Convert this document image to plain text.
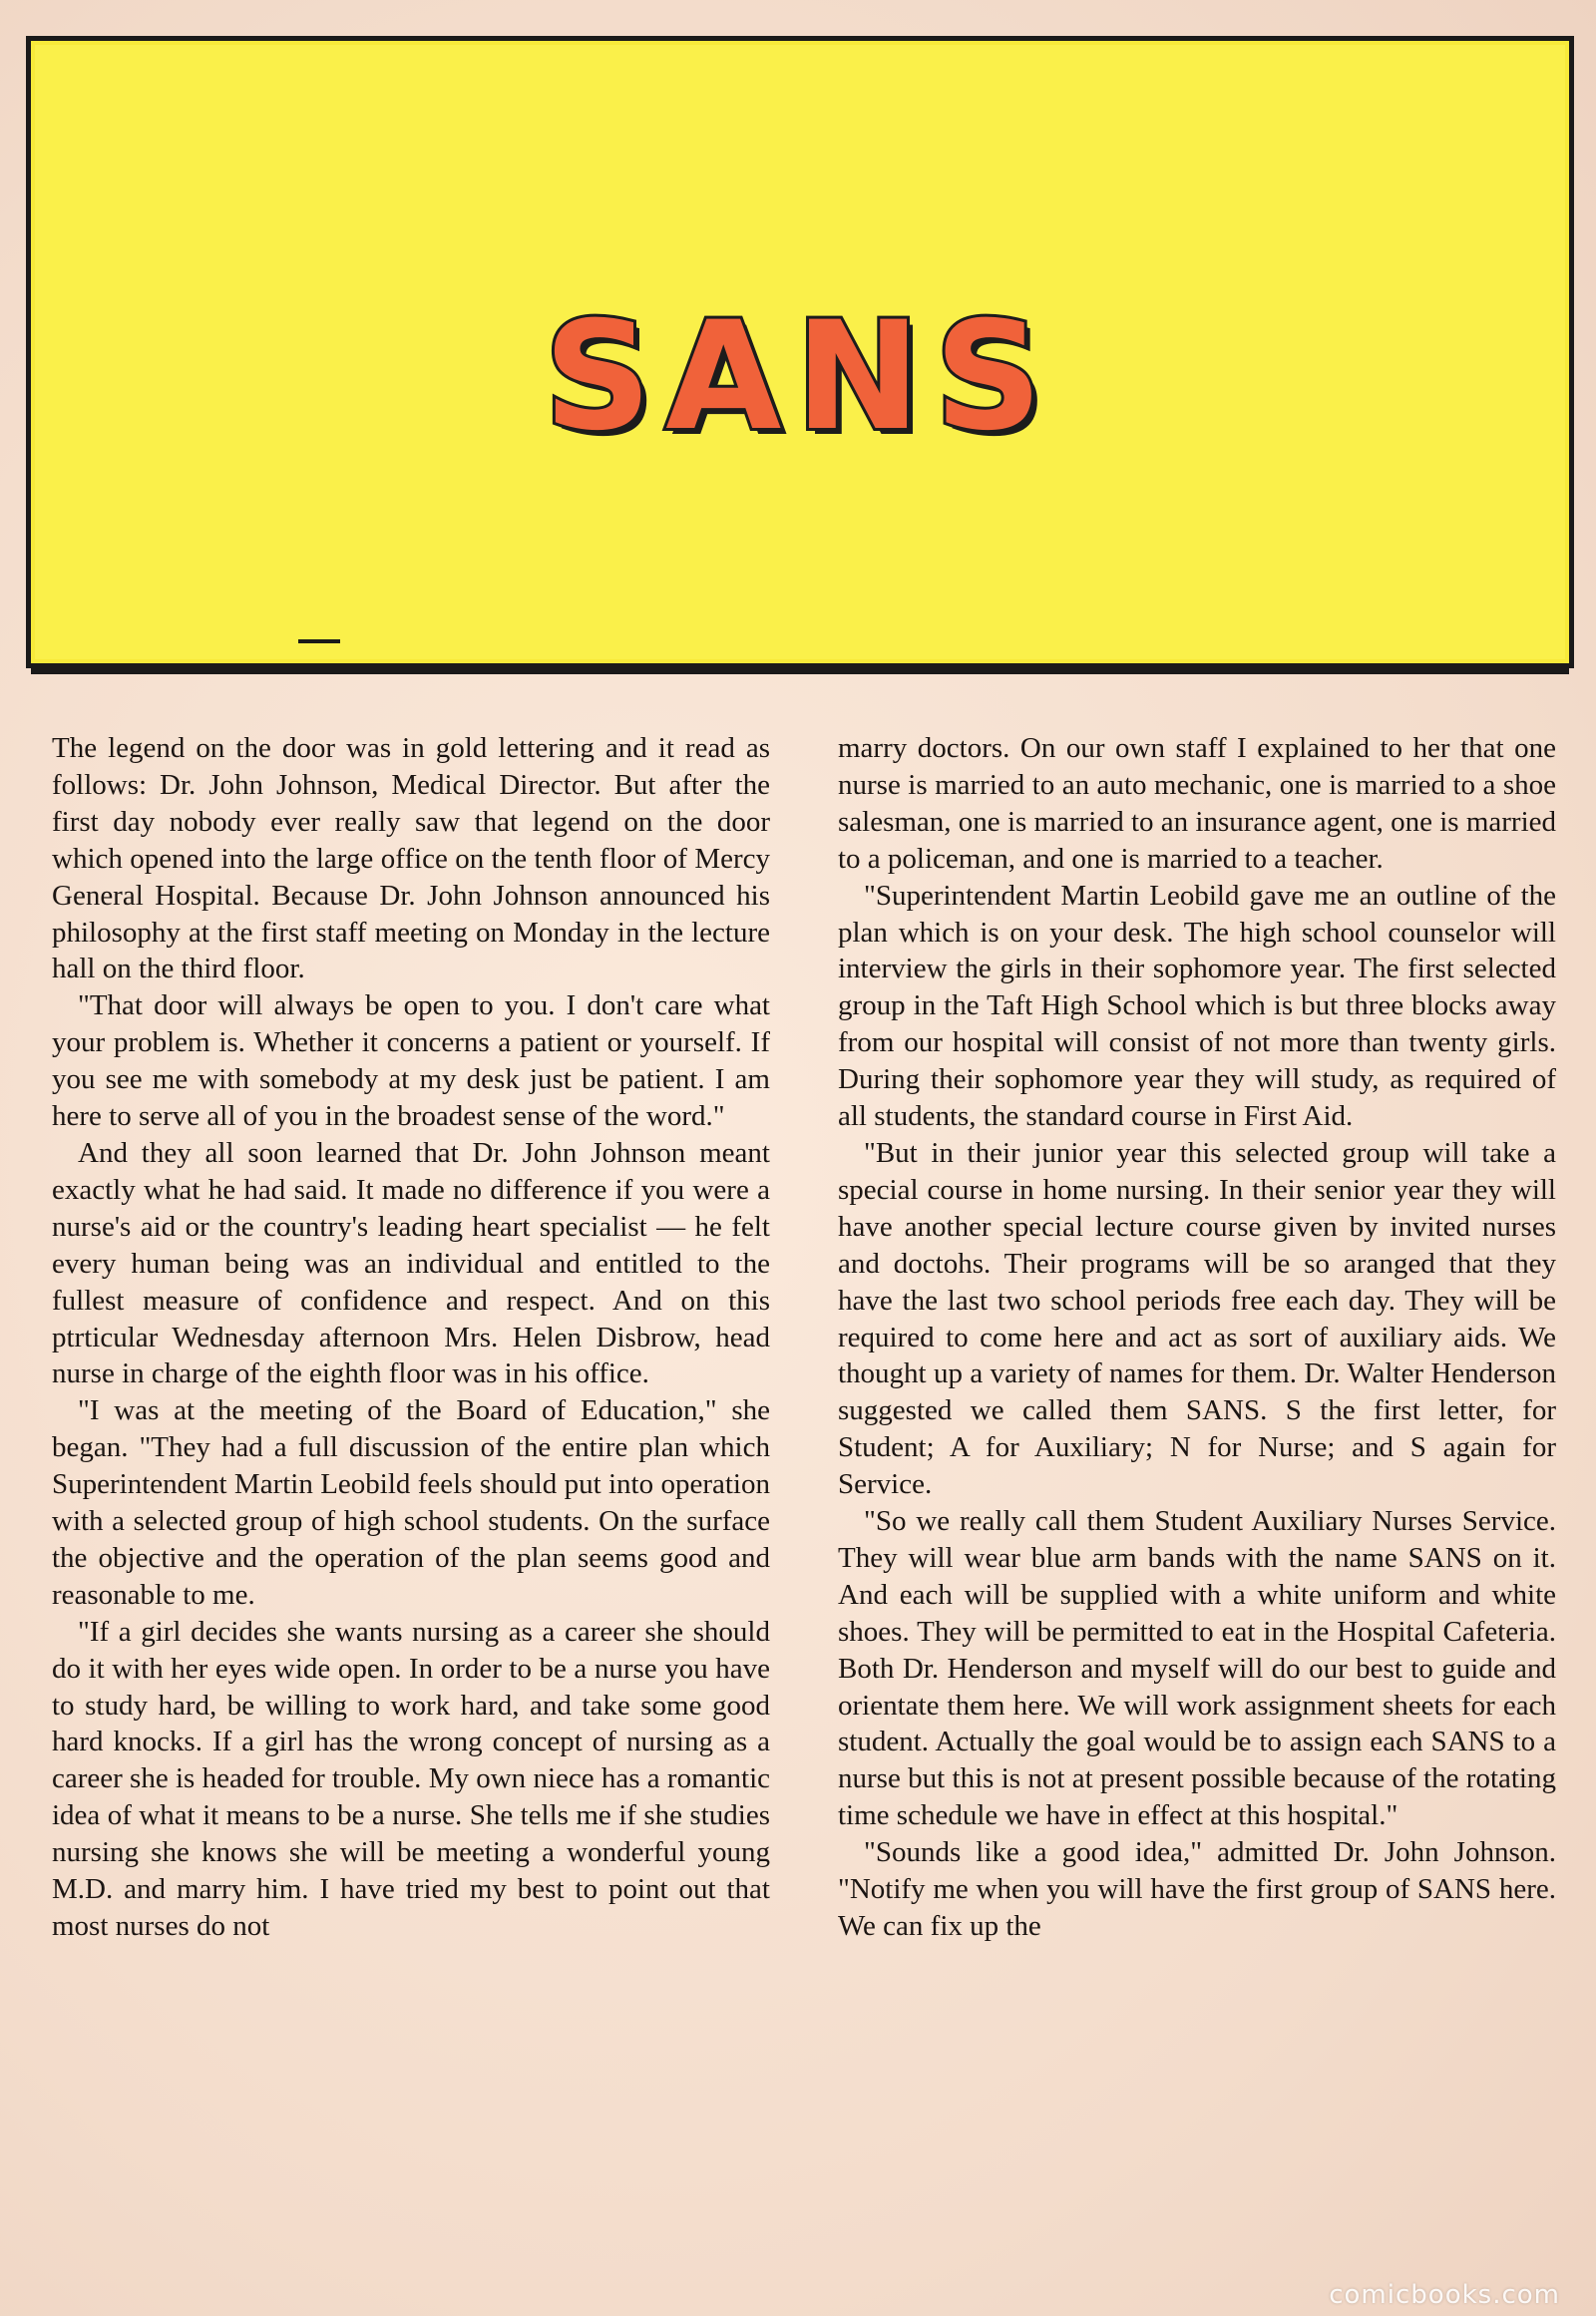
SANS

The legend on the door was in gold lettering and it read as follows: Dr. John Johnson, Medical Director. But after the first day nobody ever really saw that legend on the door which opened into the large office on the tenth floor of Mercy General Hospital. Because Dr. John Johnson announced his philosophy at the first staff meeting on Monday in the lecture hall on the third floor.

"That door will always be open to you. I don't care what your problem is. Whether it concerns a patient or yourself. If you see me with somebody at my desk just be patient. I am here to serve all of you in the broadest sense of the word."

And they all soon learned that Dr. John Johnson meant exactly what he had said. It made no difference if you were a nurse's aid or the country's leading heart specialist — he felt every human being was an individual and entitled to the fullest measure of confidence and respect. And on this ptrticular Wednesday afternoon Mrs. Helen Disbrow, head nurse in charge of the eighth floor was in his office.

"I was at the meeting of the Board of Education," she began. "They had a full discussion of the entire plan which Superintendent Martin Leobild feels should put into operation with a selected group of high school students. On the surface the objective and the operation of the plan seems good and reasonable to me.

"If a girl decides she wants nursing as a career she should do it with her eyes wide open. In order to be a nurse you have to study hard, be willing to work hard, and take some good hard knocks. If a girl has the wrong concept of nursing as a career she is headed for trouble. My own niece has a romantic idea of what it means to be a nurse. She tells me if she studies nursing she knows she will be meeting a wonderful young M.D. and marry him. I have tried my best to point out that most nurses do not

marry doctors. On our own staff I explained to her that one nurse is married to an auto mechanic, one is married to a shoe salesman, one is married to an insurance agent, one is married to a policeman, and one is married to a teacher.

"Superintendent Martin Leobild gave me an outline of the plan which is on your desk. The high school counselor will interview the girls in their sophomore year. The first selected group in the Taft High School which is but three blocks away from our hospital will consist of not more than twenty girls. During their sophomore year they will study, as required of all students, the standard course in First Aid.

"But in their junior year this selected group will take a special course in home nursing. In their senior year they will have another special lecture course given by invited nurses and doctohs. Their programs will be so aranged that they have the last two school periods free each day. They will be required to come here and act as sort of auxiliary aids. We thought up a variety of names for them. Dr. Walter Henderson suggested we called them SANS. S the first letter, for Student; A for Auxiliary; N for Nurse; and S again for Service.

"So we really call them Student Auxiliary Nurses Service. They will wear blue arm bands with the name SANS on it. And each will be supplied with a white uniform and white shoes. They will be permitted to eat in the Hospital Cafeteria. Both Dr. Henderson and myself will do our best to guide and orientate them here. We will work assignment sheets for each student. Actually the goal would be to assign each SANS to a nurse but this is not at present possible because of the rotating time schedule we have in effect at this hospital."

"Sounds like a good idea," admitted Dr. John Johnson. "Notify me when you will have the first group of SANS here. We can fix up the

comicbooks.com
